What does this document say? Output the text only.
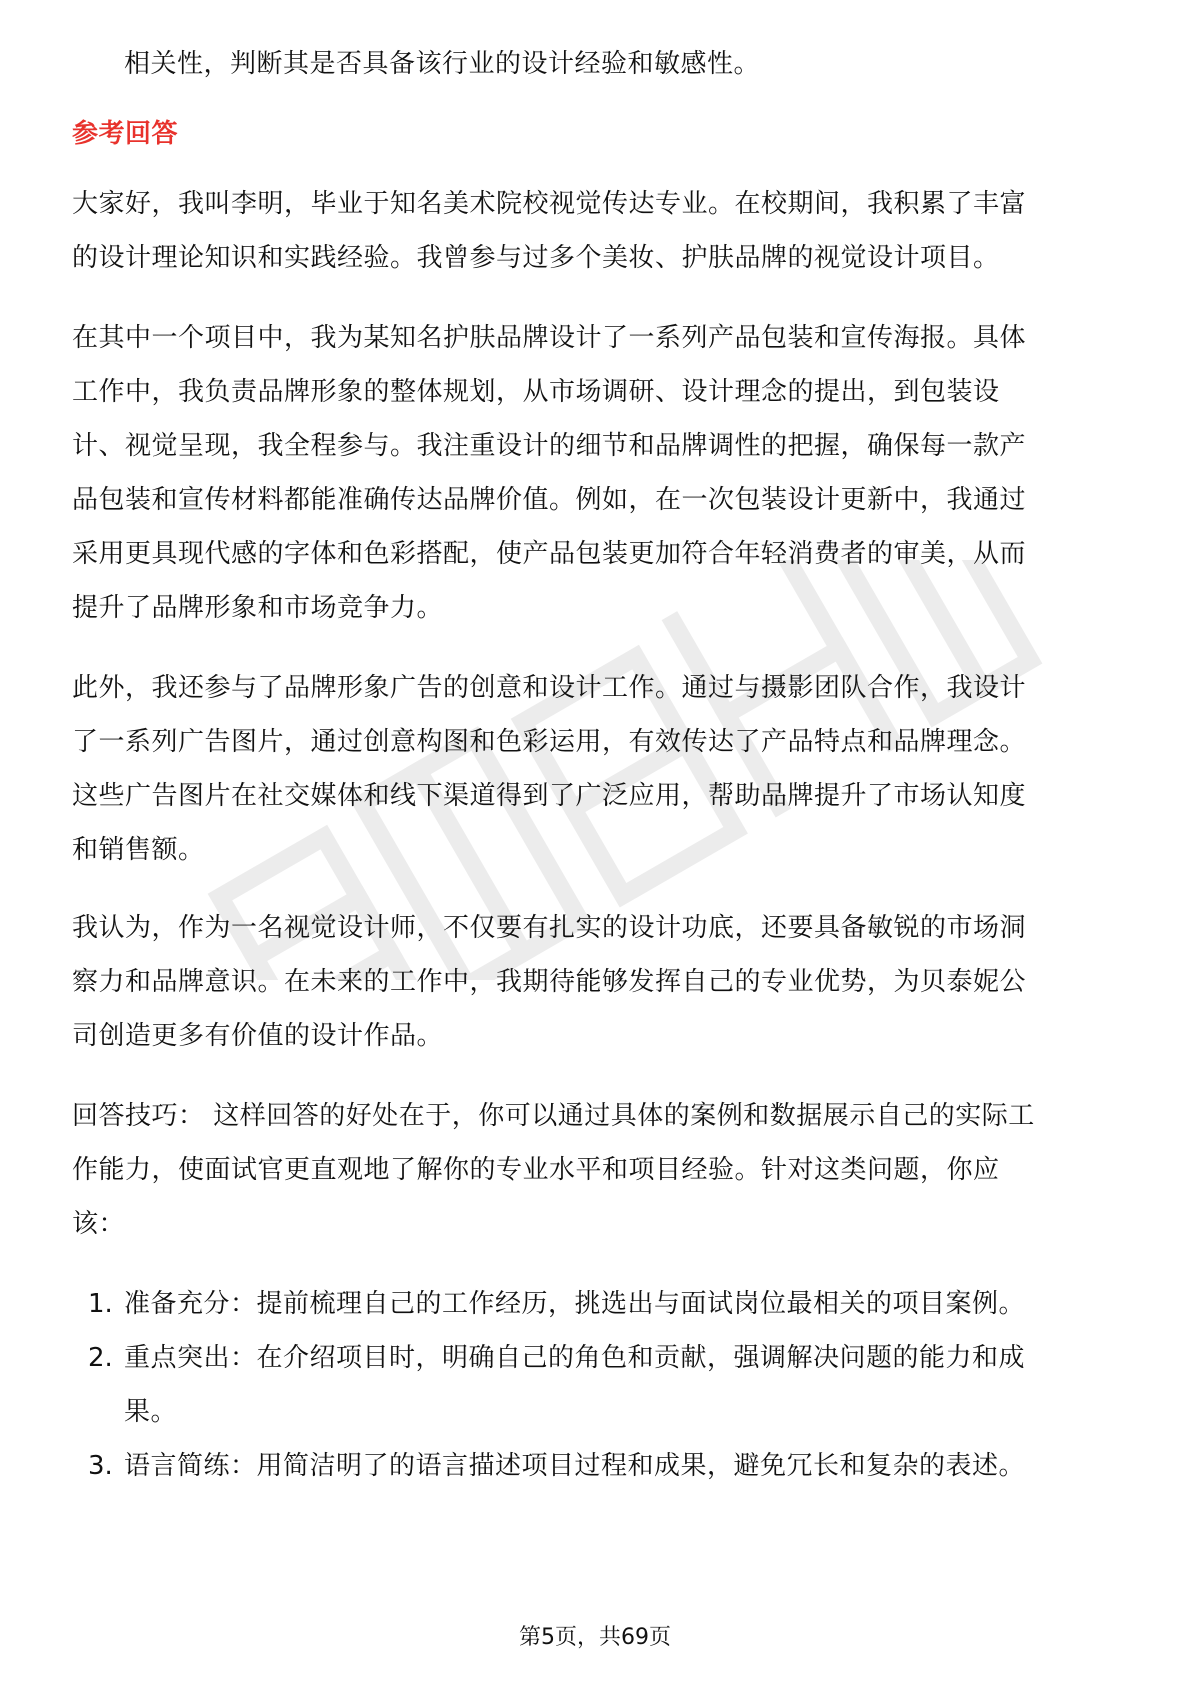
相关性，判断其是否具备该行业的设计经验和敏感性。
参考回答
大家好，我叫李明，毕业于知名美术院校视觉传达专业。在校期间，我积累了丰富
的设计理论知识和实践经验。我曾参与过多个美妆、护肤品牌的视觉设计项目。
在其中一个项目中，我为某知名护肤品牌设计了一系列产品包装和宣传海报。具体
工作中，我负责品牌形象的整体规划，从市场调研、设计理念的提出，到包装设
计、视觉呈现，我全程参与。我注重设计的细节和品牌调性的把握，确保每一款产
品包装和宣传材料都能准确传达品牌价值。例如，在一次包装设计更新中，我通过
采用更具现代感的字体和色彩搭配，使产品包装更加符合年轻消费者的审美，从而
提升了品牌形象和市场竞争力。
此外，我还参与了品牌形象广告的创意和设计工作。通过与摄影团队合作，我设计
了一系列广告图片，通过创意构图和色彩运用，有效传达了产品特点和品牌理念。
这些广告图片在社交媒体和线下渠道得到了广泛应用，帮助品牌提升了市场认知度
和销售额。
我认为，作为一名视觉设计师，不仅要有扎实的设计功底，还要具备敏锐的市场洞
察力和品牌意识。在未来的工作中，我期待能够发挥自己的专业优势，为贝泰妮公
司创造更多有价值的设计作品。
回答技巧： 这样回答的好处在于，你可以通过具体的案例和数据展示自己的实际工
作能力，使面试官更直观地了解你的专业水平和项目经验。针对这类问题，你应
该：
1. 准备充分：提前梳理自己的工作经历，挑选出与面试岗位最相关的项目案例。
2. 重点突出：在介绍项目时，明确自己的角色和贡献，强调解决问题的能力和成
果。
3. 语言简练：用简洁明了的语言描述项目过程和成果，避免冗长和复杂的表述。
第5页，共69页
